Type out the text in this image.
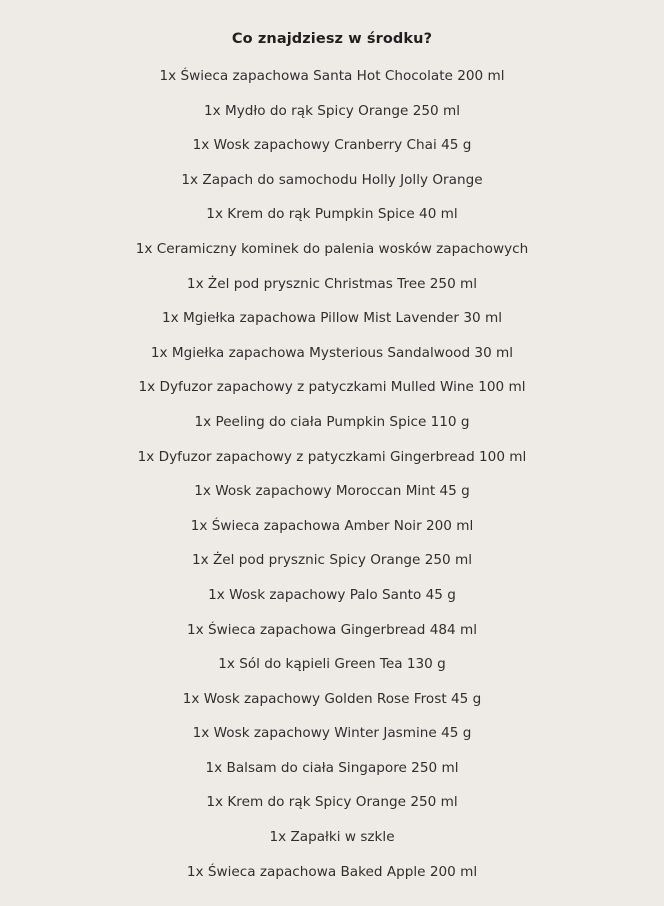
Co znajdziesz w środku?
1x Świeca zapachowa Santa Hot Chocolate 200 ml
1x Mydło do rąk Spicy Orange 250 ml
1x Wosk zapachowy Cranberry Chai 45 g
1x Zapach do samochodu Holly Jolly Orange
1x Krem do rąk Pumpkin Spice 40 ml
1x Ceramiczny kominek do palenia wosków zapachowych
1x Żel pod prysznic Christmas Tree 250 ml
1x Mgiełka zapachowa Pillow Mist Lavender 30 ml
1x Mgiełka zapachowa Mysterious Sandalwood 30 ml
1x Dyfuzor zapachowy z patyczkami Mulled Wine 100 ml
1x Peeling do ciała Pumpkin Spice 110 g
1x Dyfuzor zapachowy z patyczkami Gingerbread 100 ml
1x Wosk zapachowy Moroccan Mint 45 g
1x Świeca zapachowa Amber Noir 200 ml
1x Żel pod prysznic Spicy Orange 250 ml
1x Wosk zapachowy Palo Santo 45 g
1x Świeca zapachowa Gingerbread 484 ml
1x Sól do kąpieli Green Tea 130 g
1x Wosk zapachowy Golden Rose Frost 45 g
1x Wosk zapachowy Winter Jasmine 45 g
1x Balsam do ciała Singapore 250 ml
1x Krem do rąk Spicy Orange 250 ml
1x Zapałki w szkle
1x Świeca zapachowa Baked Apple 200 ml
